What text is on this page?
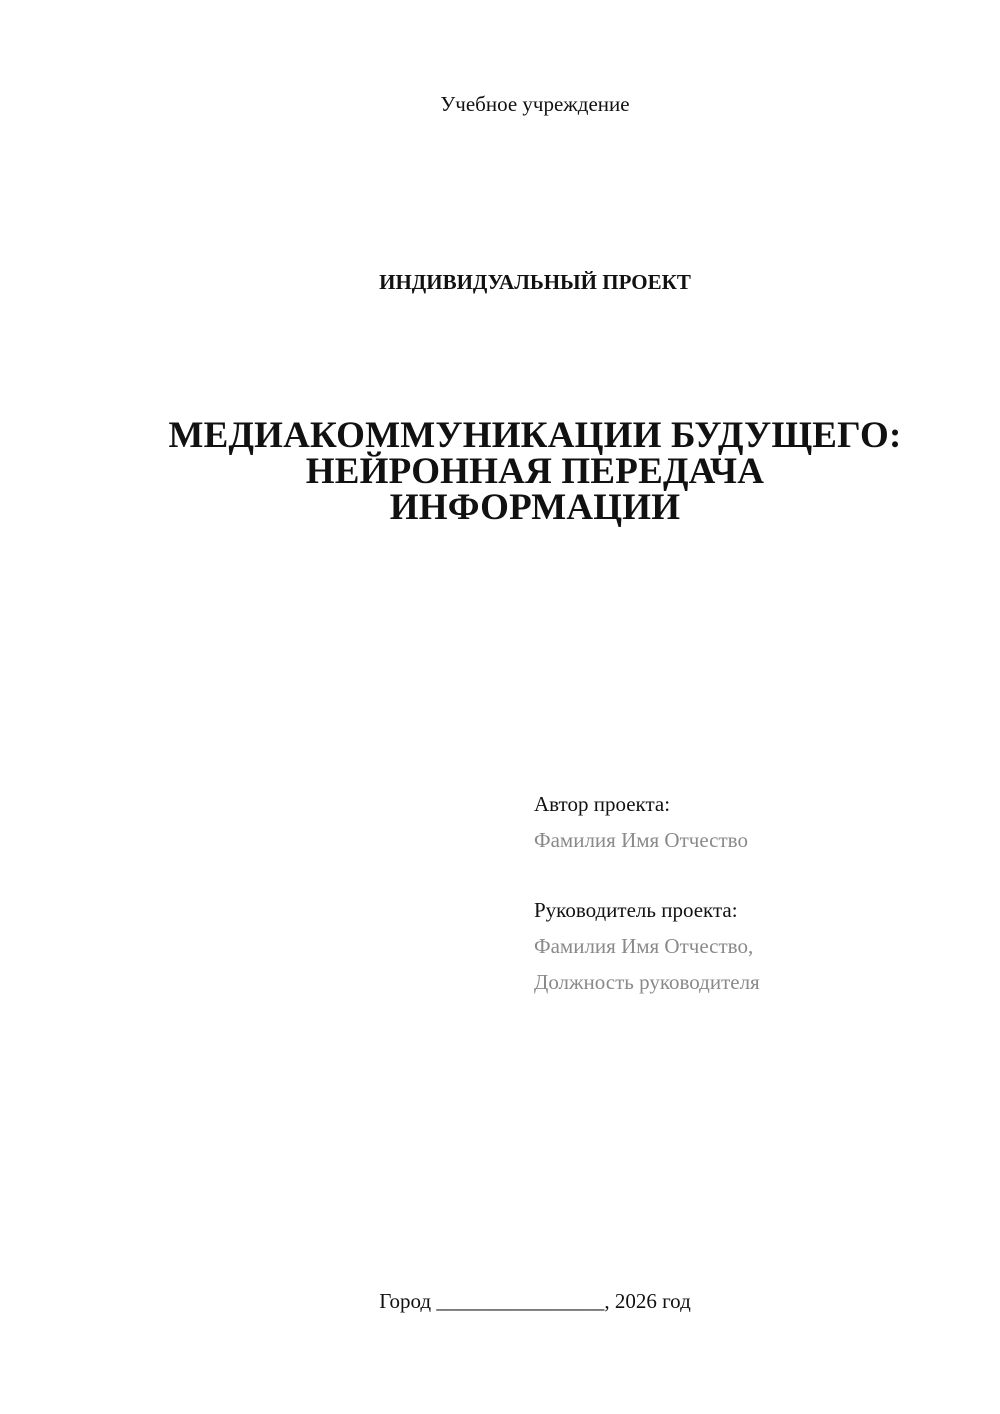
Учебное учреждение
ИНДИВИДУАЛЬНЫЙ ПРОЕКТ
МЕДИАКОММУНИКАЦИИ БУДУЩЕГО:
НЕЙРОННАЯ ПЕРЕДАЧА
ИНФОРМАЦИИ
Автор проекта:
Фамилия Имя Отчество
Руководитель проекта:
Фамилия Имя Отчество,
Должность руководителя
Город ________________, 2026 год
